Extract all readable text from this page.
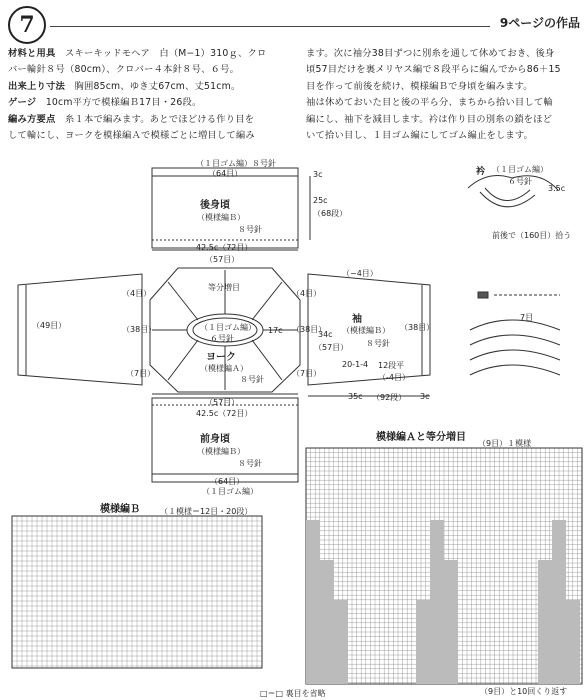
7	9ページの作品

材料と用具　 スキーキッドモヘア　白（M−1）310ｇ、クロ

バー輪針８号（80cm）、クロバー４本針８号、６号。

出来上り寸法　 胸囲85cm、ゆき丈67cm、丈51cm。

ゲージ　 10cm平方で模様編Ｂ17目・26段。

編み方要点　 糸１本で編みます。あとでほどける作り目を

して輪にし、ヨークを模様編Ａで模様ごとに増目して編み

ます。次に袖分38目ずつに別糸を通して休めておき、後身

頃57目だけを裏メリヤス編で８段平らに編んでから86＋15

目を作って前後を続け、模様編Ｂで身頃を編みます。

袖は休めておいた目と後の平ら分、まちから拾い目して輪

編にし、袖下を減目します。衿は作り目の別糸の鎖をほど

いて拾い目し、１目ゴム編にしてゴム編止をします。

（１目ゴム編）８号針
（64目）
後身頃
（模様編Ｂ）
８号針
42.5c（72目）
25c
（68段）
3c
（57目）
等分増目
（１目ゴム編）
６号針
ヨーク
（模様編Ａ）
８号針
17c
（57目）
42.5c（72目）
前身頃
（模様編Ｂ）
８号針
（64目）
（１目ゴム編）
（4目）
（38目）
（7目）
（49目）
（4目）
（38目）
（7目）
（−4目）
袖
（模様編Ｂ）
８号針
34c
（57目）
20-1-4 12段平
（-4目）
（38目）
35c （92段） 3c
衿 （１目ゴム編）
６号針
3.5c
前後で（160目）拾う
7目
模様編Ｂ	（１模様＝12目・20段）
模様編Ａと等分増目
（9目）１模様
（9目）と10回くり返す
□＝□ 裏目を省略
